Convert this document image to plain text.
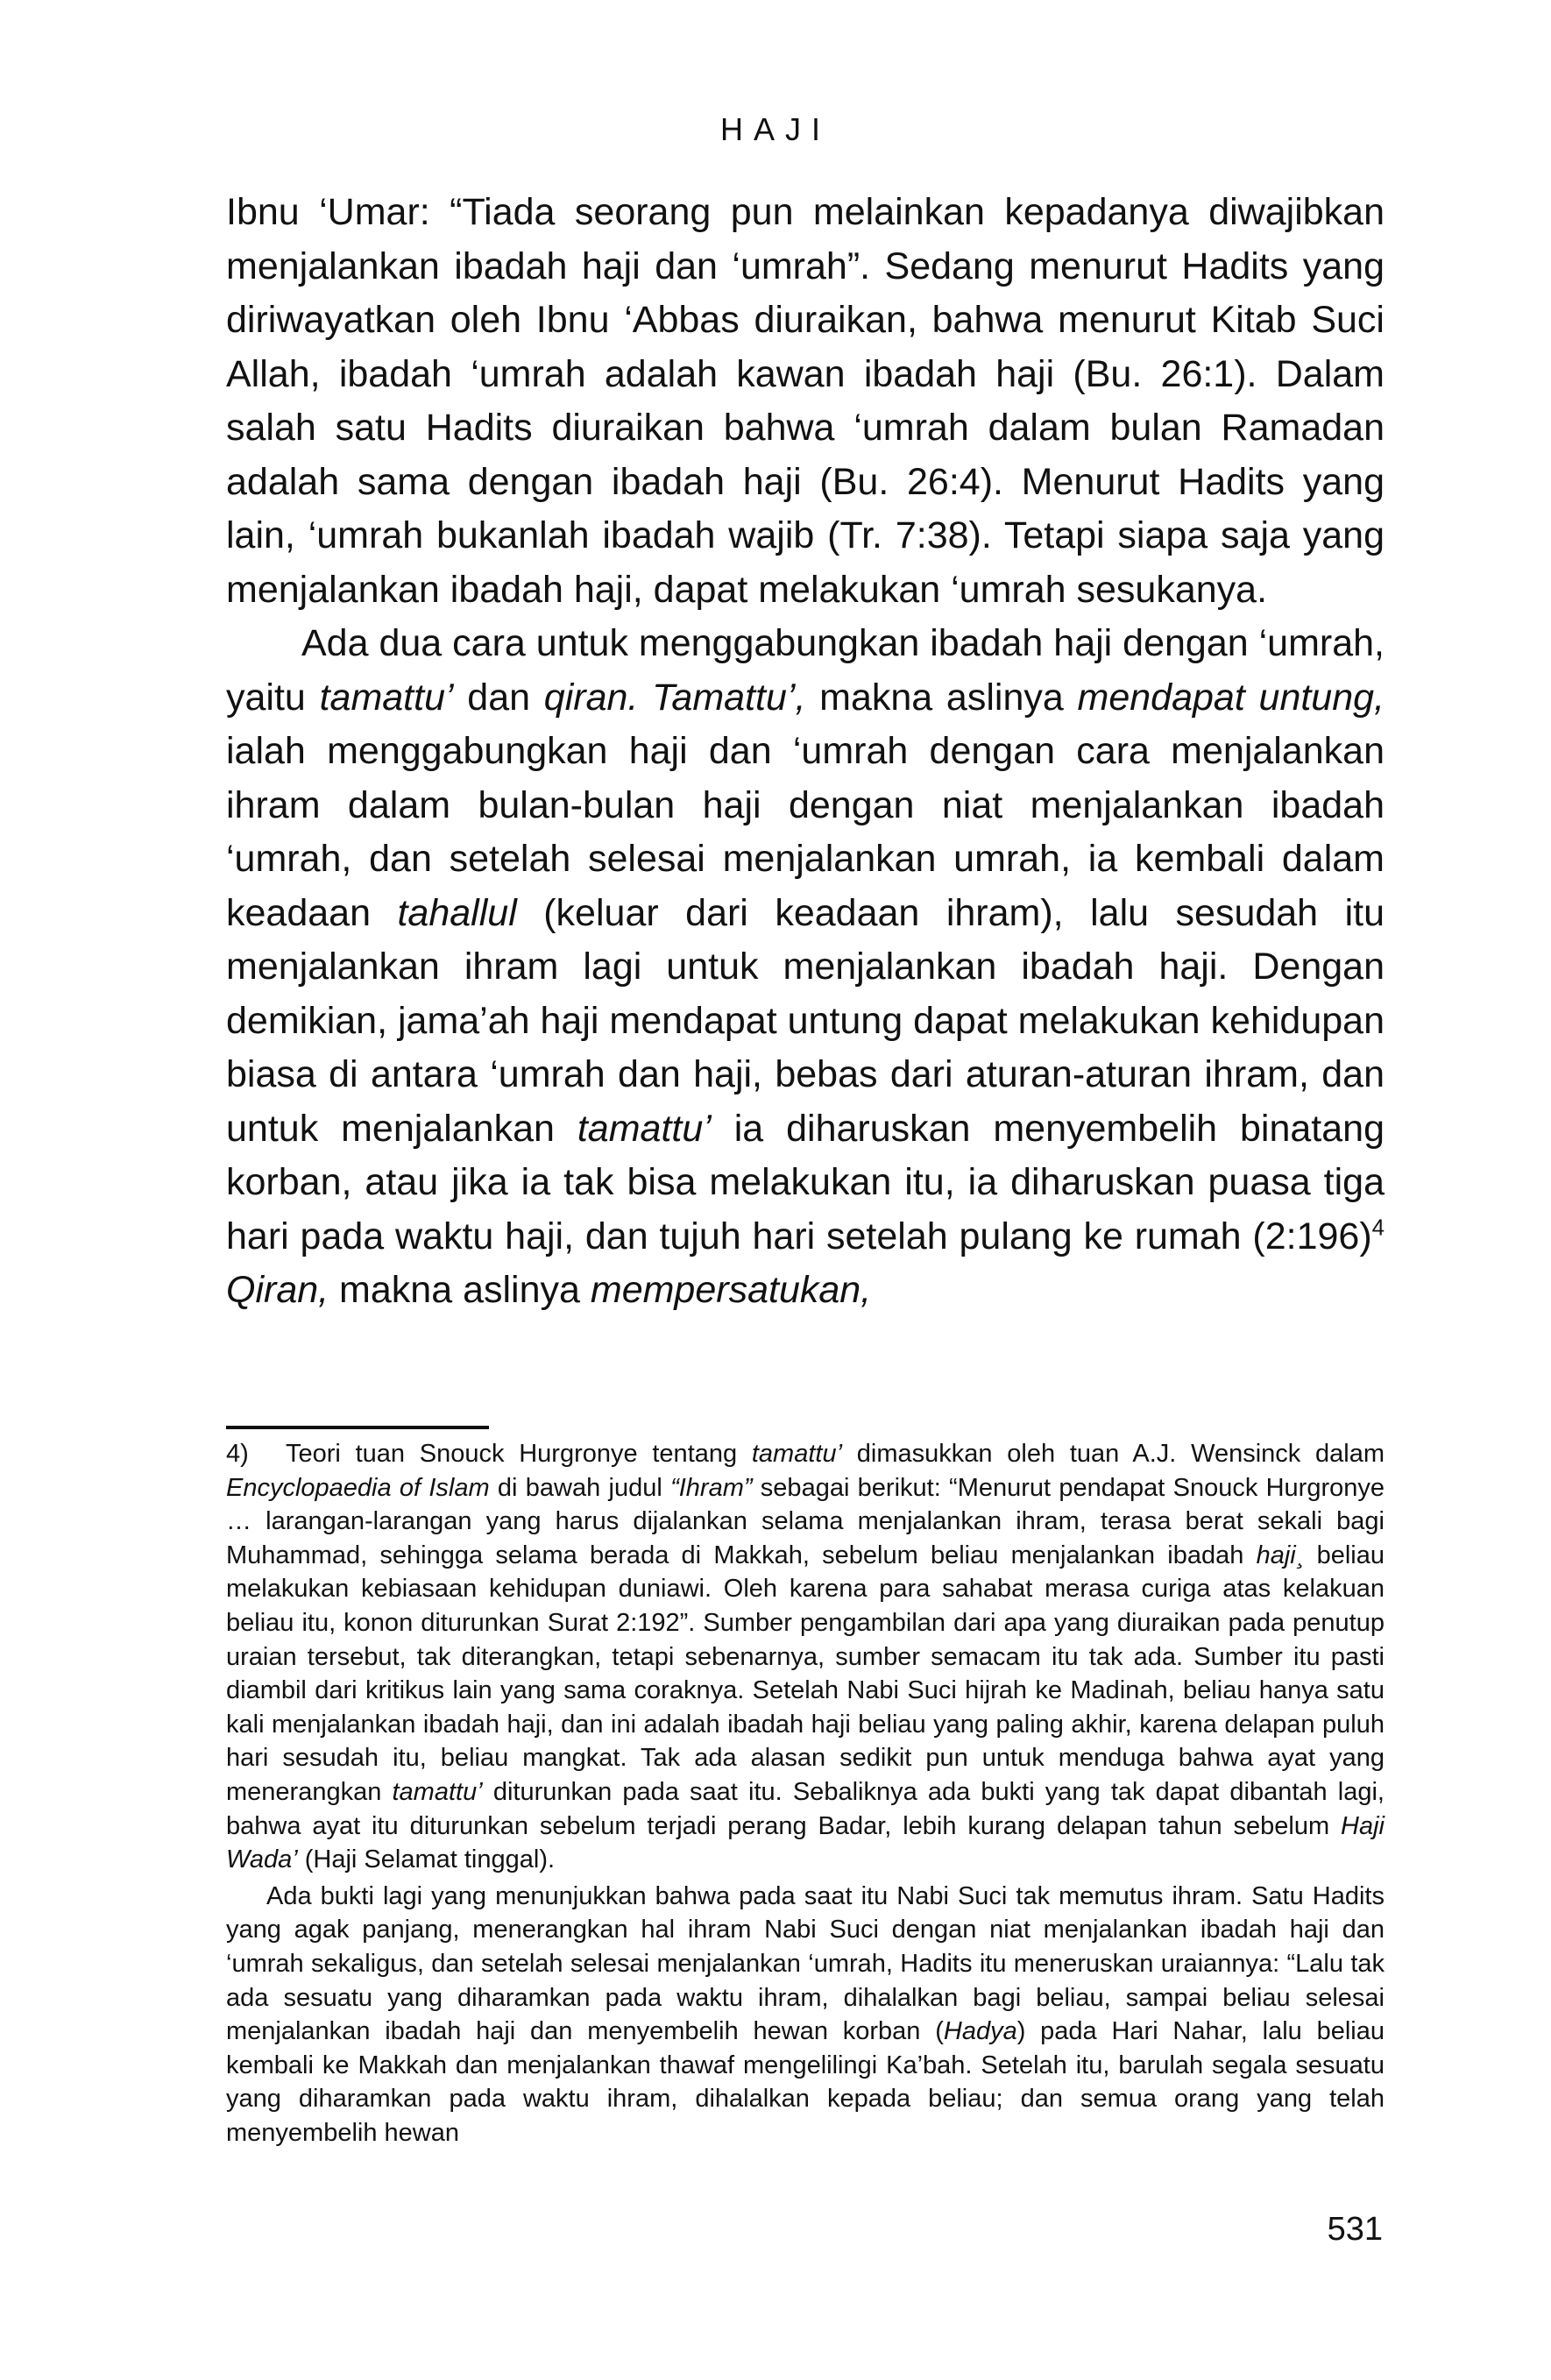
HAJI

Ibnu ‘Umar: “Tiada seorang pun melainkan kepadanya diwajibkan menjalankan ibadah haji dan ‘umrah”. Sedang menurut Hadits yang diriwayatkan oleh Ibnu ‘Abbas diuraikan, bahwa menurut Kitab Suci Allah, ibadah ‘umrah adalah kawan ibadah haji (Bu. 26:1). Dalam salah satu Hadits diuraikan bahwa ‘umrah dalam bulan Ramadan adalah sama dengan ibadah haji (Bu. 26:4). Menurut Hadits yang lain, ‘umrah bukanlah ibadah wajib (Tr. 7:38). Tetapi siapa saja yang menjalankan ibadah haji, dapat melakukan ‘umrah sesukanya.

Ada dua cara untuk menggabungkan ibadah haji dengan ‘umrah, yaitu tamattu’ dan qiran. Tamattu’, makna aslinya mendapat untung, ialah menggabungkan haji dan ‘umrah dengan cara menjalankan ihram dalam bulan-bulan haji dengan niat menjalankan ibadah ‘umrah, dan setelah selesai menjalankan umrah, ia kembali dalam keadaan tahallul (keluar dari keadaan ihram), lalu sesudah itu menjalankan ihram lagi untuk menjalankan ibadah haji. Dengan demikian, jama’ah haji mendapat untung dapat melakukan kehidupan biasa di antara ‘umrah dan haji, bebas dari aturan-aturan ihram, dan untuk menjalankan tamattu’ ia diharuskan menyembelih binatang korban, atau jika ia tak bisa melakukan itu, ia diharuskan puasa tiga hari pada waktu haji, dan tujuh hari setelah pulang ke rumah (2:196)$^4$ Qiran, makna aslinya mempersatukan,

4) Teori tuan Snouck Hurgronye tentang tamattu’ dimasukkan oleh tuan A.J. Wensinck dalam Encyclopaedia of Islam di bawah judul “Ihram” sebagai berikut: “Menurut pendapat Snouck Hurgronye … larangan-larangan yang harus dijalankan selama menjalankan ihram, terasa berat sekali bagi Muhammad, sehingga selama berada di Makkah, sebelum beliau menjalankan ibadah haji¸ beliau melakukan kebiasaan kehidupan duniawi. Oleh karena para sahabat merasa curiga atas kelakuan beliau itu, konon diturunkan Surat 2:192”. Sumber pengambilan dari apa yang diuraikan pada penutup uraian tersebut, tak diterangkan, tetapi sebenarnya, sumber semacam itu tak ada. Sumber itu pasti diambil dari kritikus lain yang sama coraknya. Setelah Nabi Suci hijrah ke Madinah, beliau hanya satu kali menjalankan ibadah haji, dan ini adalah ibadah haji beliau yang paling akhir, karena delapan puluh hari sesudah itu, beliau mangkat. Tak ada alasan sedikit pun untuk menduga bahwa ayat yang menerangkan tamattu’ diturunkan pada saat itu. Sebaliknya ada bukti yang tak dapat dibantah lagi, bahwa ayat itu diturunkan sebelum terjadi perang Badar, lebih kurang delapan tahun sebelum Haji Wada’ (Haji Selamat tinggal).

Ada bukti lagi yang menunjukkan bahwa pada saat itu Nabi Suci tak memutus ihram. Satu Hadits yang agak panjang, menerangkan hal ihram Nabi Suci dengan niat menjalankan ibadah haji dan ‘umrah sekaligus, dan setelah selesai menjalankan ‘umrah, Hadits itu meneruskan uraiannya: “Lalu tak ada sesuatu yang diharamkan pada waktu ihram, dihalalkan bagi beliau, sampai beliau selesai menjalankan ibadah haji dan menyembelih hewan korban (Hadya) pada Hari Nahar, lalu beliau kembali ke Makkah dan menjalankan thawaf mengelilingi Ka’bah. Setelah itu, barulah segala sesuatu yang diharamkan pada waktu ihram, dihalalkan kepada beliau; dan semua orang yang telah menyembelih hewan

531
